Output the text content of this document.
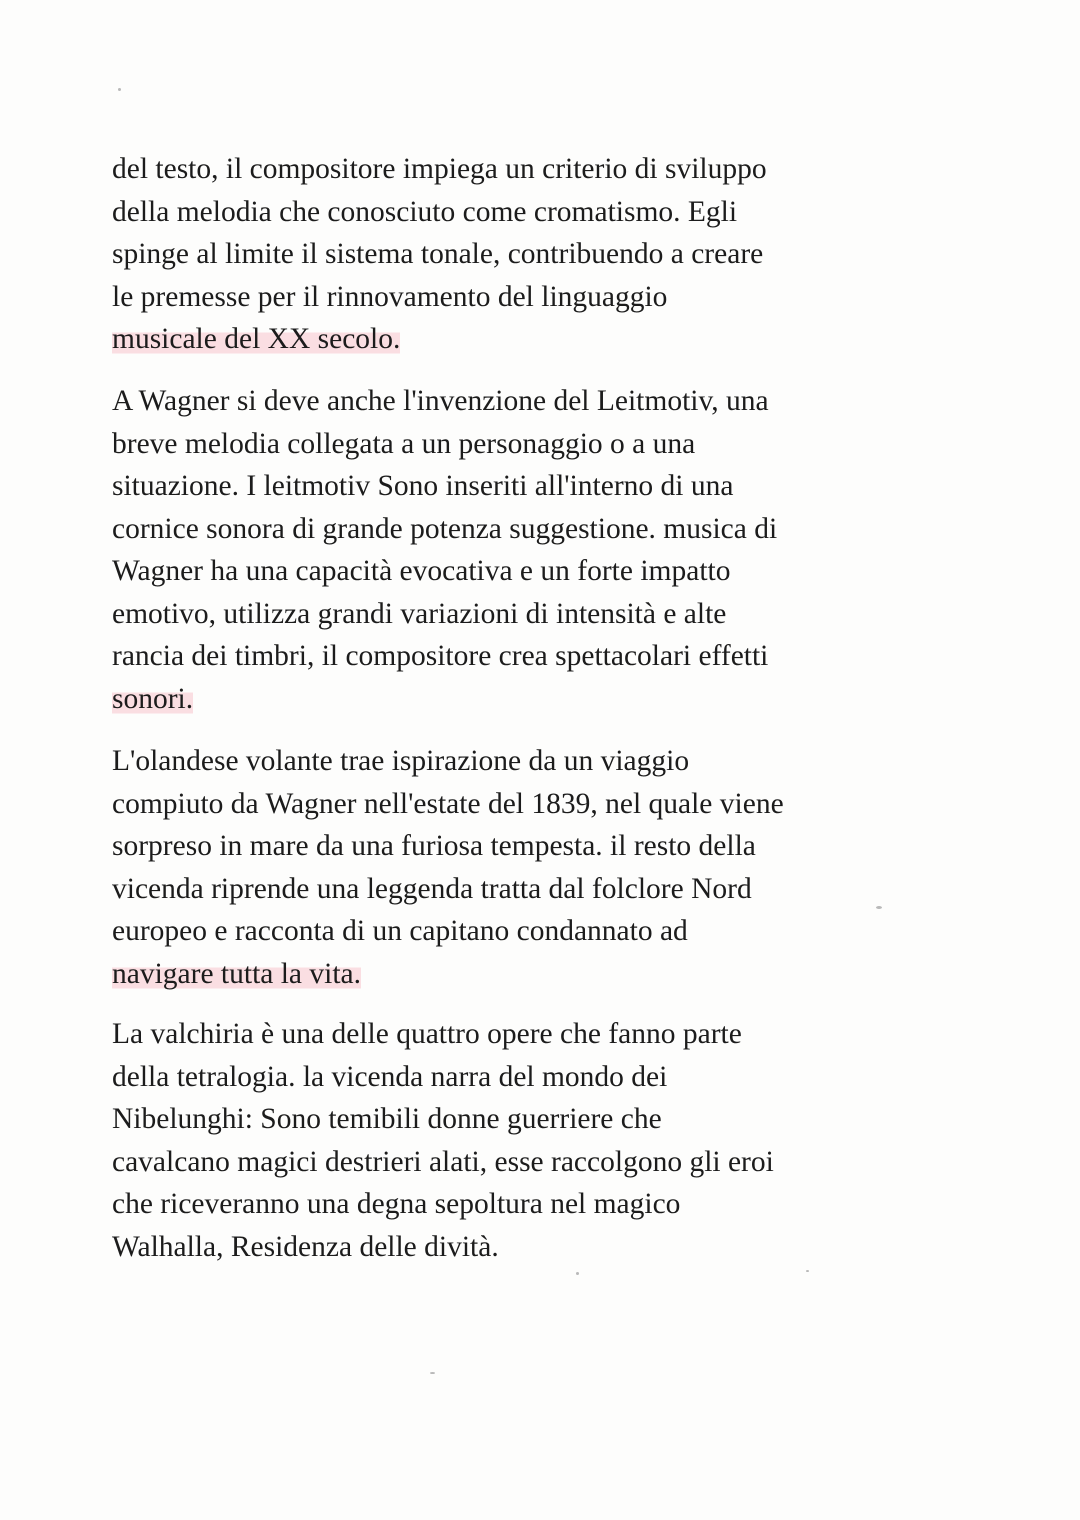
del testo, il compositore impiega un criterio di sviluppo
della melodia che conosciuto come cromatismo. Egli
spinge al limite il sistema tonale, contribuendo a creare
le premesse per il rinnovamento del linguaggio
musicale del XX secolo.
A Wagner si deve anche l'invenzione del Leitmotiv, una
breve melodia collegata a un personaggio o a una
situazione. I leitmotiv Sono inseriti all'interno di una
cornice sonora di grande potenza suggestione. musica di
Wagner ha una capacità evocativa e un forte impatto
emotivo, utilizza grandi variazioni di intensità e alte
rancia dei timbri, il compositore crea spettacolari effetti
sonori.
L'olandese volante trae ispirazione da un viaggio
compiuto da Wagner nell'estate del 1839, nel quale viene
sorpreso in mare da una furiosa tempesta. il resto della
vicenda riprende una leggenda tratta dal folclore Nord
europeo e racconta di un capitano condannato ad
navigare tutta la vita.
La valchiria è una delle quattro opere che fanno parte
della tetralogia. la vicenda narra del mondo dei
Nibelunghi: Sono temibili donne guerriere che
cavalcano magici destrieri alati, esse raccolgono gli eroi
che riceveranno una degna sepoltura nel magico
Walhalla, Residenza delle dività.
